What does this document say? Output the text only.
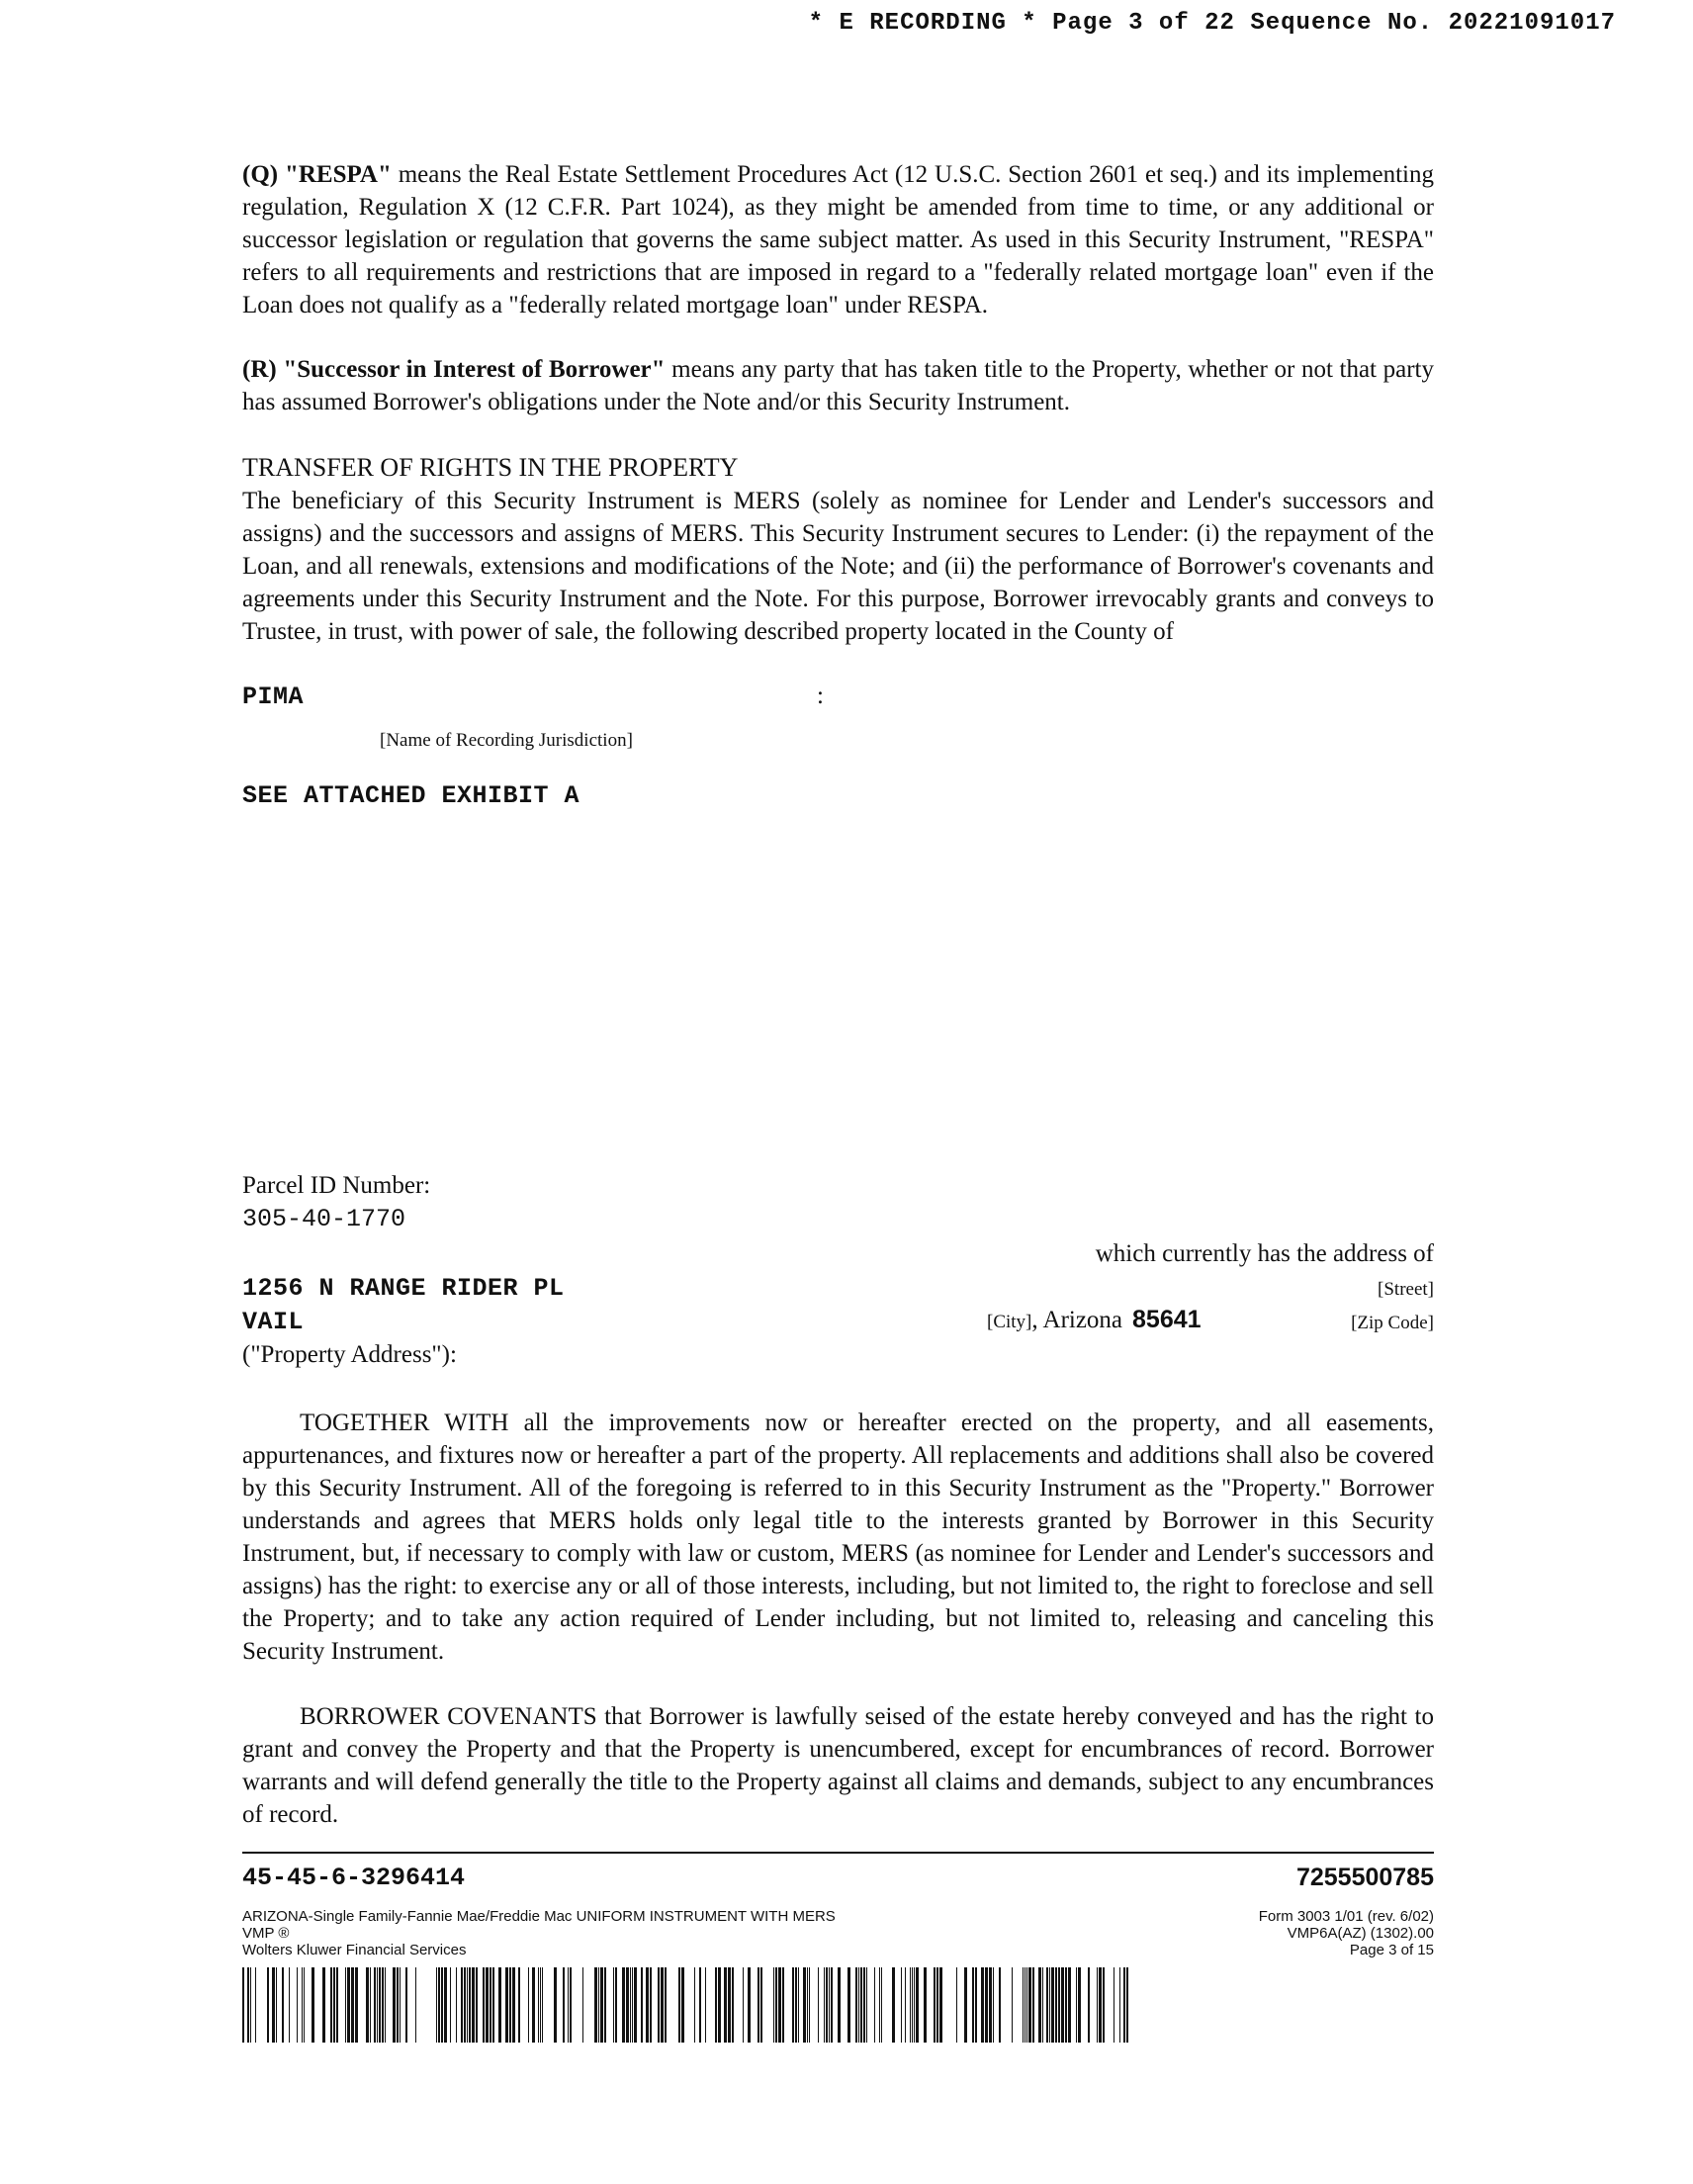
* E RECORDING * Page 3 of 22 Sequence No. 20221091017
(Q) "RESPA" means the Real Estate Settlement Procedures Act (12 U.S.C. Section 2601 et seq.) and its implementing regulation, Regulation X (12 C.F.R. Part 1024), as they might be amended from time to time, or any additional or successor legislation or regulation that governs the same subject matter. As used in this Security Instrument, "RESPA" refers to all requirements and restrictions that are imposed in regard to a "federally related mortgage loan" even if the Loan does not qualify as a "federally related mortgage loan" under RESPA.
(R) "Successor in Interest of Borrower" means any party that has taken title to the Property, whether or not that party has assumed Borrower's obligations under the Note and/or this Security Instrument.
TRANSFER OF RIGHTS IN THE PROPERTY
The beneficiary of this Security Instrument is MERS (solely as nominee for Lender and Lender's successors and assigns) and the successors and assigns of MERS. This Security Instrument secures to Lender: (i) the repayment of the Loan, and all renewals, extensions and modifications of the Note; and (ii) the performance of Borrower's covenants and agreements under this Security Instrument and the Note. For this purpose, Borrower irrevocably grants and conveys to Trustee, in trust, with power of sale, the following described property located in the County of
PIMA	:
[Name of Recording Jurisdiction]
SEE ATTACHED EXHIBIT A
Parcel ID Number:
305-40-1770
which currently has the address of
1256 N RANGE RIDER PL	[Street]
VAIL	[City], Arizona 85641	[Zip Code]
("Property Address"):
TOGETHER WITH all the improvements now or hereafter erected on the property, and all easements, appurtenances, and fixtures now or hereafter a part of the property. All replacements and additions shall also be covered by this Security Instrument. All of the foregoing is referred to in this Security Instrument as the "Property." Borrower understands and agrees that MERS holds only legal title to the interests granted by Borrower in this Security Instrument, but, if necessary to comply with law or custom, MERS (as nominee for Lender and Lender's successors and assigns) has the right: to exercise any or all of those interests, including, but not limited to, the right to foreclose and sell the Property; and to take any action required of Lender including, but not limited to, releasing and canceling this Security Instrument.
BORROWER COVENANTS that Borrower is lawfully seised of the estate hereby conveyed and has the right to grant and convey the Property and that the Property is unencumbered, except for encumbrances of record. Borrower warrants and will defend generally the title to the Property against all claims and demands, subject to any encumbrances of record.
45-45-6-3296414	7255500785
ARIZONA-Single Family-Fannie Mae/Freddie Mac UNIFORM INSTRUMENT WITH MERS
VMP ®
Wolters Kluwer Financial Services
Form 3003 1/01 (rev. 6/02)
VMP6A(AZ) (1302).00
Page 3 of 15
